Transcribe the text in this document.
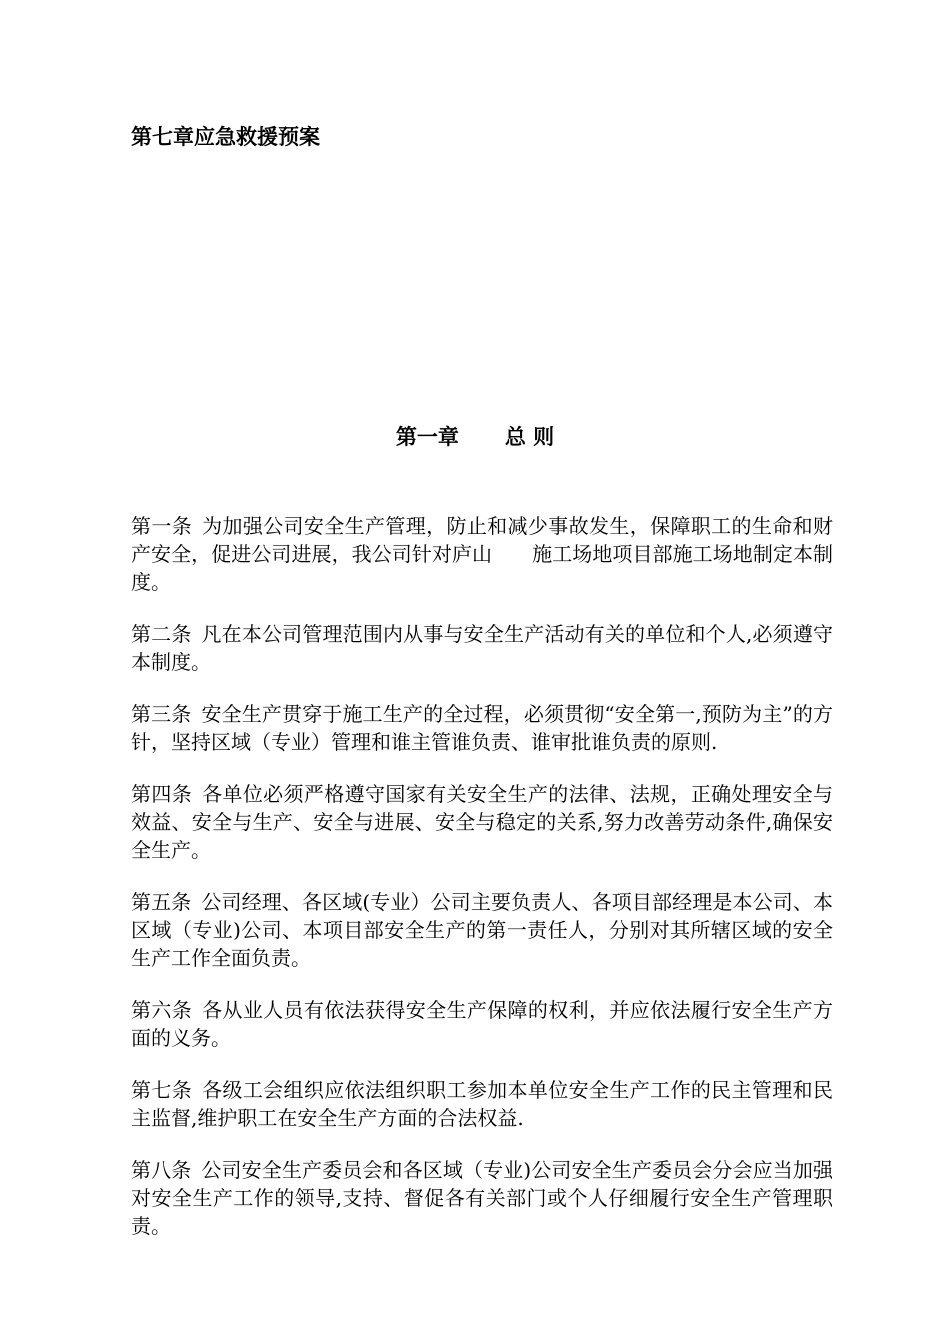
第七章应急救援预案
第一章 总 则

第一条 为加强公司安全生产管理，防止和减少事故发生，保障职工的生命和财产安全，促进公司进展，我公司针对庐山　　施工场地项目部施工场地制定本制度。

第二条 凡在本公司管理范围内从事与安全生产活动有关的单位和个人,必须遵守本制度。

第三条 安全生产贯穿于施工生产的全过程，必须贯彻“安全第一,预防为主”的方针，坚持区域（专业）管理和谁主管谁负责、谁审批谁负责的原则.

第四条 各单位必须严格遵守国家有关安全生产的法律、法规，正确处理安全与效益、安全与生产、安全与进展、安全与稳定的关系,努力改善劳动条件,确保安全生产。

第五条 公司经理、各区域(专业）公司主要负责人、各项目部经理是本公司、本区域（专业)公司、本项目部安全生产的第一责任人，分别对其所辖区域的安全生产工作全面负责。

第六条 各从业人员有依法获得安全生产保障的权利，并应依法履行安全生产方面的义务。

第七条 各级工会组织应依法组织职工参加本单位安全生产工作的民主管理和民主监督,维护职工在安全生产方面的合法权益.

第八条 公司安全生产委员会和各区域（专业)公司安全生产委员会分会应当加强对安全生产工作的领导,支持、督促各有关部门或个人仔细履行安全生产管理职责。
